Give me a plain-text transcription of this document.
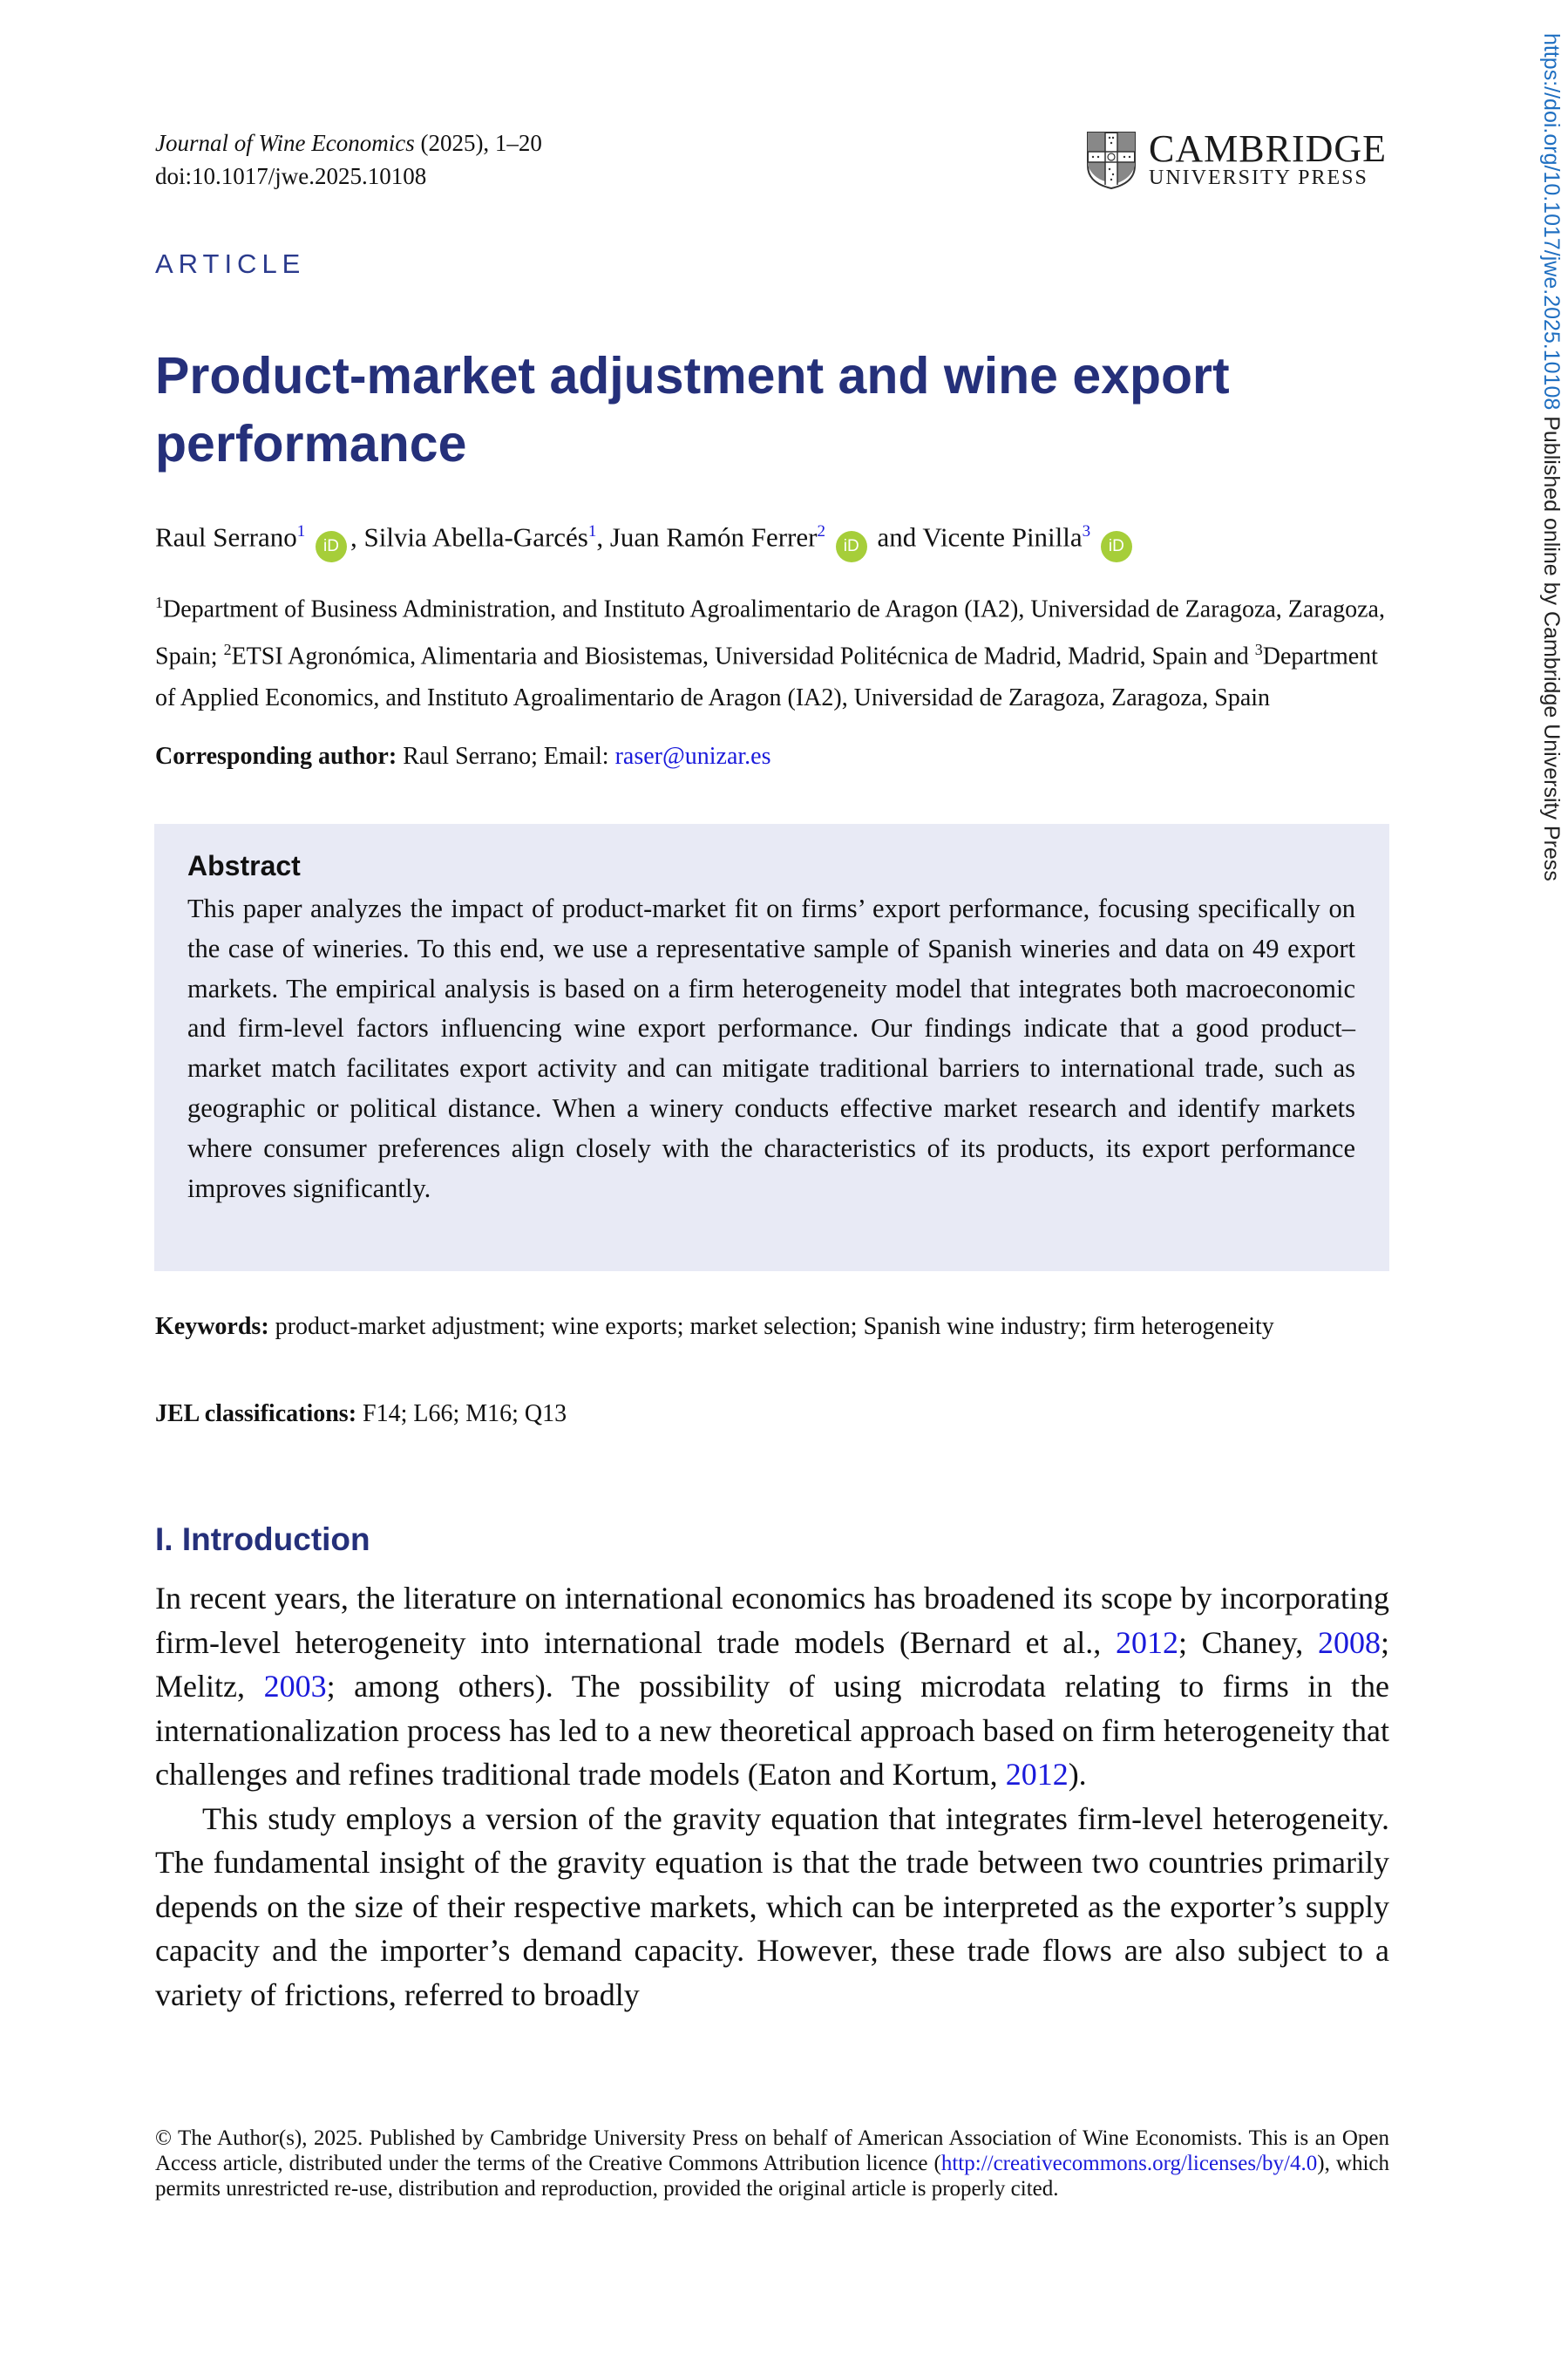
Journal of Wine Economics (2025), 1–20
doi:10.1017/jwe.2025.10108
CAMBRIDGE
UNIVERSITY PRESS
ARTICLE
Product-market adjustment and wine export performance
Raul Serrano$^1$ iD , Silvia Abella-Garcés$^1$, Juan Ramón Ferrer$^2$ iD and Vicente Pinilla$^3$ iD
$^1$Department of Business Administration, and Instituto Agroalimentario de Aragon (IA2), Universidad de Zaragoza, Zaragoza, Spain; $^2$ETSI Agronómica, Alimentaria and Biosistemas, Universidad Politécnica de Madrid, Madrid, Spain and $^3$Department of Applied Economics, and Instituto Agroalimentario de Aragon (IA2), Universidad de Zaragoza, Zaragoza, Spain
Corresponding author: Raul Serrano; Email: raser@unizar.es
Abstract

This paper analyzes the impact of product-market fit on firms’ export performance, focusing specifically on the case of wineries. To this end, we use a representative sample of Spanish wineries and data on 49 export markets. The empirical analysis is based on a firm heterogeneity model that integrates both macroeconomic and firm-level factors influencing wine export performance. Our findings indicate that a good product–market match facilitates export activity and can mitigate traditional barriers to international trade, such as geographic or political distance. When a winery conducts effective market research and identify markets where consumer preferences align closely with the characteristics of its products, its export performance improves significantly.

Keywords: product-market adjustment; wine exports; market selection; Spanish wine industry; firm heterogeneity
JEL classifications: F14; L66; M16; Q13
I. Introduction

In recent years, the literature on international economics has broadened its scope by incorporating firm-level heterogeneity into international trade models (Bernard et al., 2012; Chaney, 2008; Melitz, 2003; among others). The possibility of using microdata relating to firms in the internationalization process has led to a new theoretical approach based on firm heterogeneity that challenges and refines traditional trade models (Eaton and Kortum, 2012).

This study employs a version of the gravity equation that integrates firm-level heterogeneity. The fundamental insight of the gravity equation is that the trade between two countries primarily depends on the size of their respective markets, which can be interpreted as the exporter’s supply capacity and the importer’s demand capacity. However, these trade flows are also subject to a variety of frictions, referred to broadly

© The Author(s), 2025. Published by Cambridge University Press on behalf of American Association of Wine Economists. This is an Open Access article, distributed under the terms of the Creative Commons Attribution licence (http://creativecommons.org/licenses/by/4.0), which permits unrestricted re-use, distribution and reproduction, provided the original article is properly cited.
https://doi.org/10.1017/jwe.2025.10108 Published online by Cambridge University Press
